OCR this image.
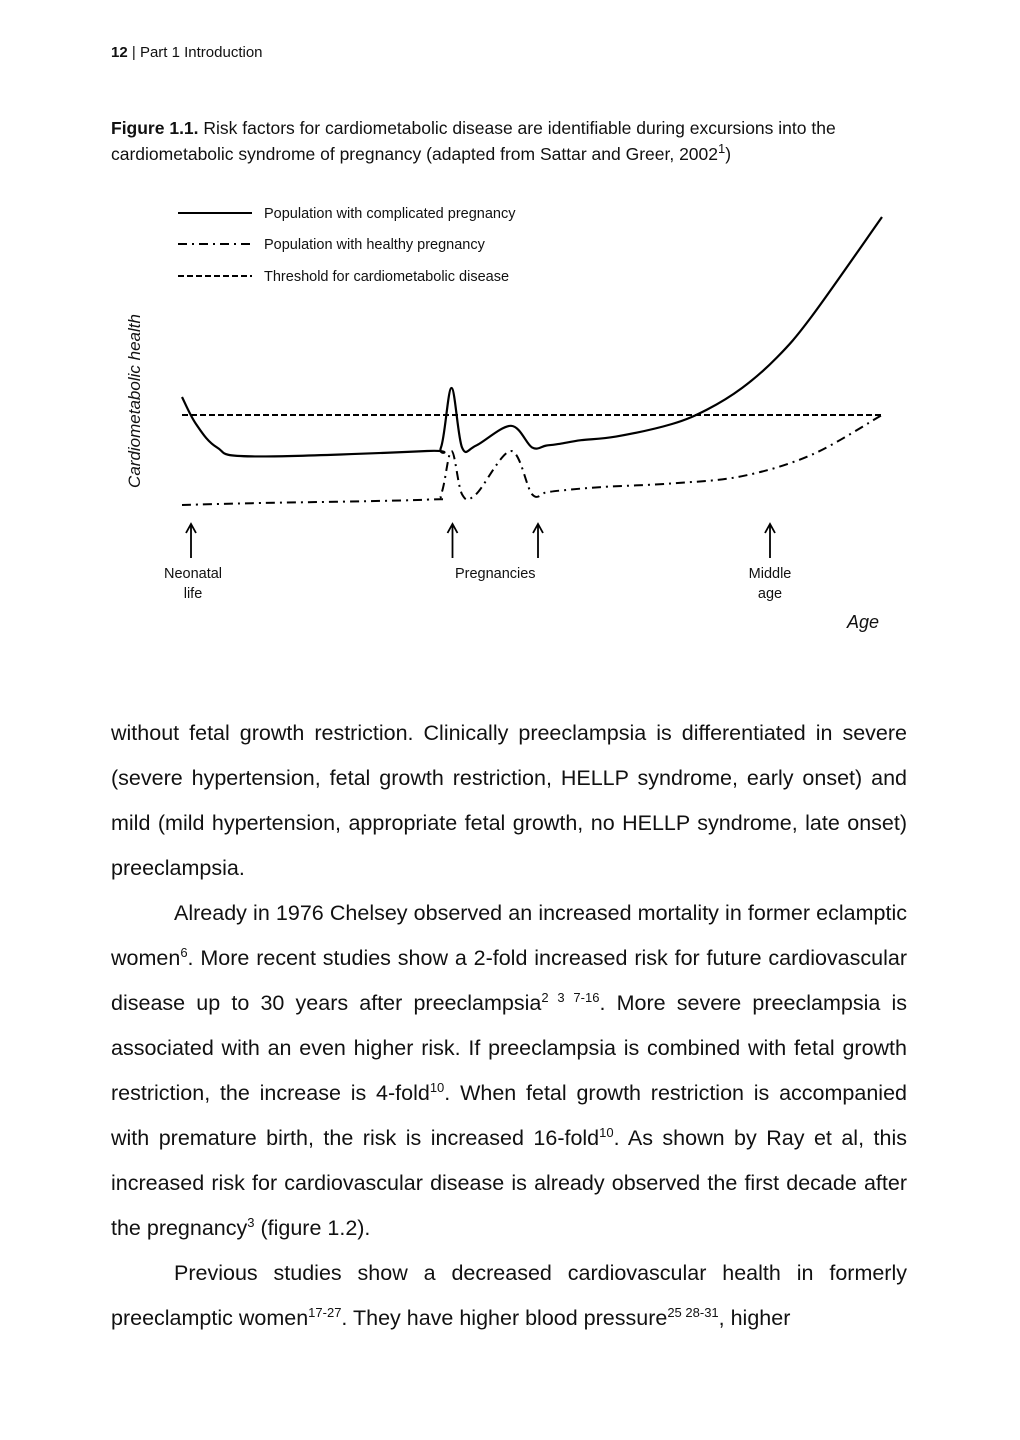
12 | Part 1 Introduction
Figure 1.1. Risk factors for cardiometabolic disease are identifiable during excursions into the cardiometabolic syndrome of pregnancy (adapted from Sattar and Greer, 2002$^1$)
Population with complicated pregnancy
Population with healthy pregnancy
Threshold for cardiometabolic disease
Cardiometabolic health
Age
Neonatal
life
Pregnancies	Middle
age

without fetal growth restriction. Clinically preeclampsia is differentiated in severe (severe hypertension, fetal growth restriction, HELLP syndrome, early onset) and mild (mild hypertension, appropriate fetal growth, no HELLP syndrome, late onset) preeclampsia.

Already in 1976 Chelsey observed an increased mortality in former eclamptic women$^6$. More recent studies show a 2-fold increased risk for future cardiovascular disease up to 30 years after preeclampsia$^{2 3 7-16}$. More severe preeclampsia is associated with an even higher risk. If preeclampsia is combined with fetal growth restriction, the increase is 4-fold$^{10}$. When fetal growth restriction is accompanied with premature birth, the risk is increased 16-fold$^{10}$. As shown by Ray et al, this increased risk for cardiovascular disease is already observed the first decade after the pregnancy$^3$ (figure 1.2).

Previous studies show a decreased cardiovascular health in formerly preeclamptic women$^{17-27}$. They have higher blood pressure$^{25 28-31}$, higher
